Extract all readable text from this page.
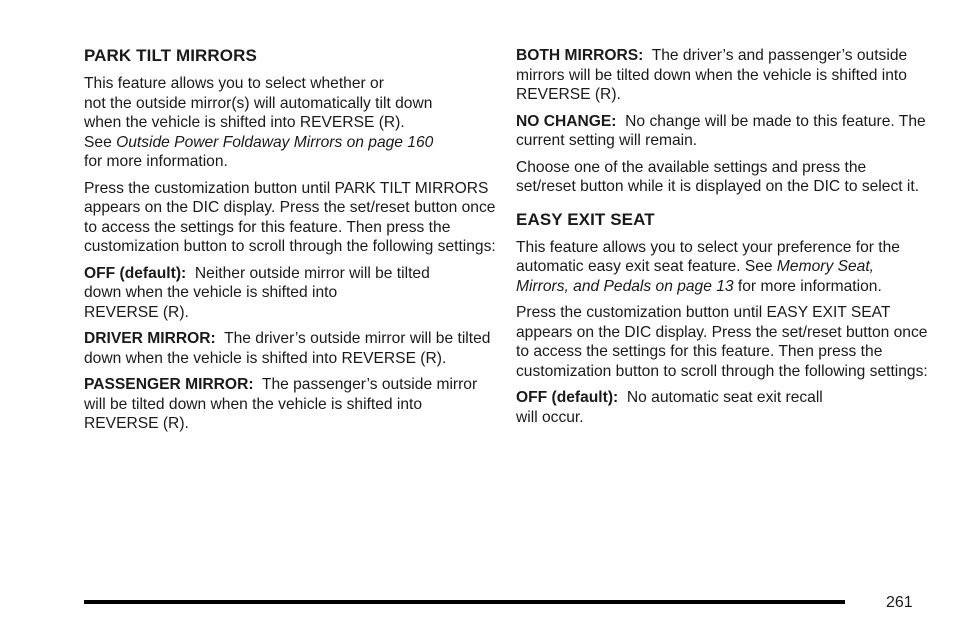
PARK TILT MIRRORS

This feature allows you to select whether or
not the outside mirror(s) will automatically tilt down
when the vehicle is shifted into REVERSE (R).
See Outside Power Foldaway Mirrors on page 160
for more information.

Press the customization button until PARK TILT MIRRORS appears on the DIC display. Press the set/reset button once to access the settings for this feature. Then press the customization button to scroll through the following settings:

OFF (default): Neither outside mirror will be tilted
down when the vehicle is shifted into
REVERSE (R).

DRIVER MIRROR: The driver’s outside mirror will be tilted down when the vehicle is shifted into REVERSE (R).

PASSENGER MIRROR: The passenger’s outside mirror will be tilted down when the vehicle is shifted into REVERSE (R).

BOTH MIRRORS: The driver’s and passenger’s outside mirrors will be tilted down when the vehicle is shifted into REVERSE (R).

NO CHANGE: No change will be made to this feature. The current setting will remain.

Choose one of the available settings and press the set/reset button while it is displayed on the DIC to select it.

EASY EXIT SEAT

This feature allows you to select your preference for the automatic easy exit seat feature. See Memory Seat, Mirrors, and Pedals on page 13 for more information.

Press the customization button until EASY EXIT SEAT appears on the DIC display. Press the set/reset button once to access the settings for this feature. Then press the customization button to scroll through the following settings:

OFF (default): No automatic seat exit recall
will occur.

261
